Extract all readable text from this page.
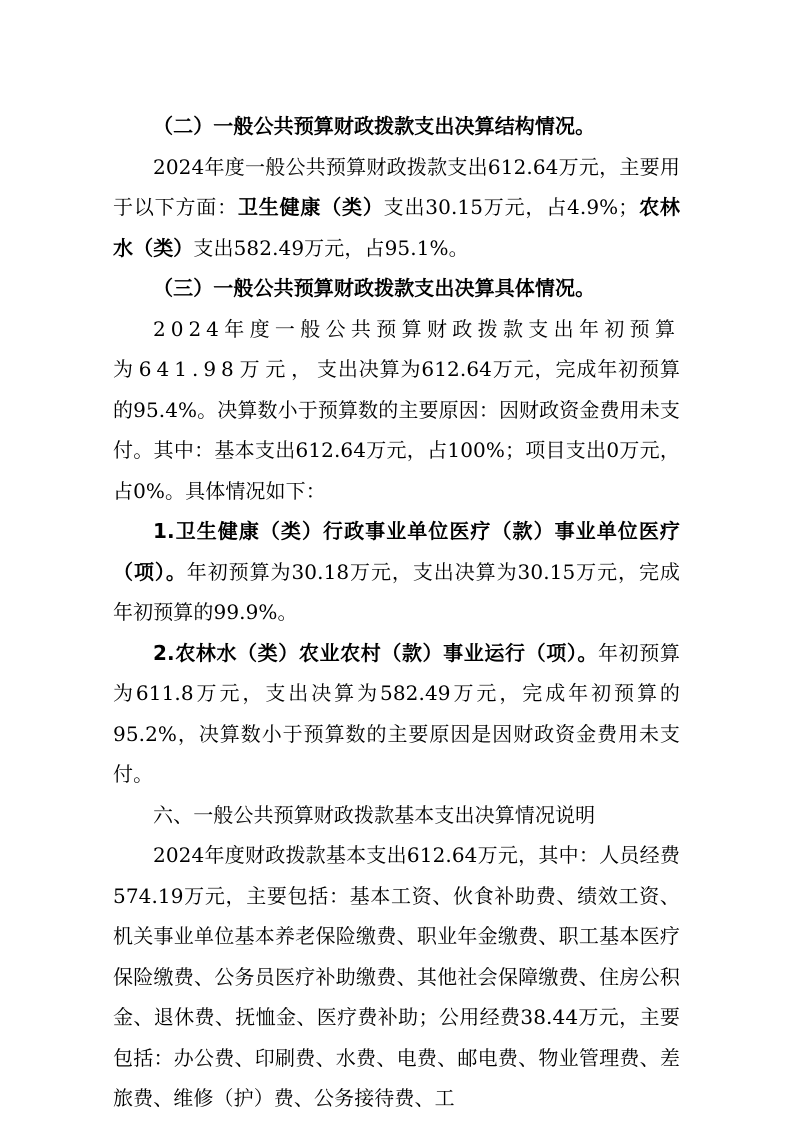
（二）一般公共预算财政拨款支出决算结构情况。

2024年度一般公共预算财政拨款支出612.64万元，主要用于以下方面：卫生健康（类）支出30.15万元，占4.9%；农林水（类）支出582.49万元，占95.1%。

（三）一般公共预算财政拨款支出决算具体情况。

2024年度一般公共预算财政拨款支出年初预算为641.98万元，支出决算为612.64万元，完成年初预算的95.4%。决算数小于预算数的主要原因：因财政资金费用未支付。其中：基本支出612.64万元，占100%；项目支出0万元，占0%。具体情况如下：

1.卫生健康（类）行政事业单位医疗（款）事业单位医疗（项）。年初预算为30.18万元，支出决算为30.15万元，完成年初预算的99.9%。

2.农林水（类）农业农村（款）事业运行（项）。年初预算为611.8万元，支出决算为582.49万元，完成年初预算的95.2%，决算数小于预算数的主要原因是因财政资金费用未支付。

六、一般公共预算财政拨款基本支出决算情况说明

2024年度财政拨款基本支出612.64万元，其中：人员经费574.19万元，主要包括：基本工资、伙食补助费、绩效工资、机关事业单位基本养老保险缴费、职业年金缴费、职工基本医疗保险缴费、公务员医疗补助缴费、其他社会保障缴费、住房公积金、退休费、抚恤金、医疗费补助；公用经费38.44万元，主要包括：办公费、印刷费、水费、电费、邮电费、物业管理费、差旅费、维修（护）费、公务接待费、工
